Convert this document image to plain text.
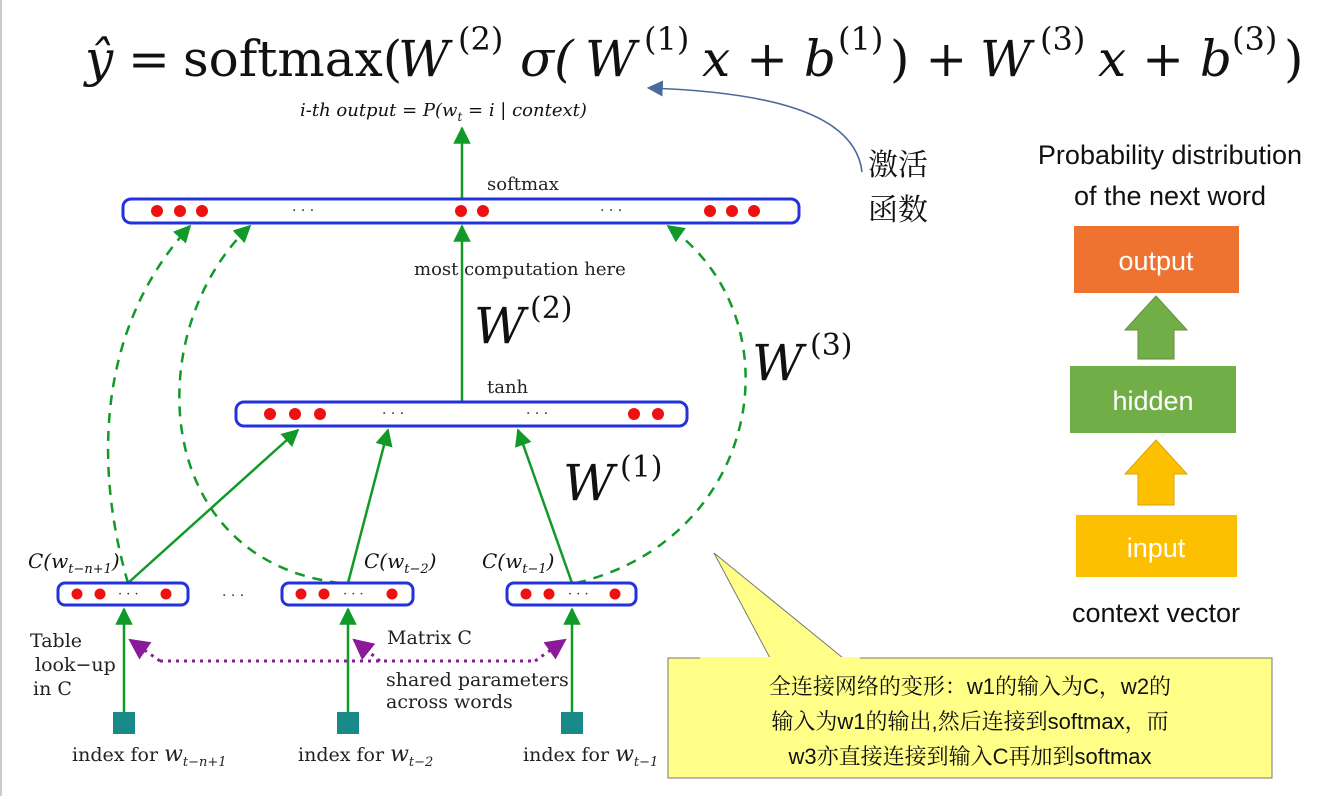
ŷ = softmax(
W (2) σ( W (1) x + b (1) ) + W (3) x + b (3) )
激活
函数
i-th output = $P(w_t = i$ | context)
softmax
· · ·	· · ·
most computation here
W (2)
tanh
· · ·	· · ·
W (3)
W (1)
$C(w_{t-n+1})$	$C(w_{t-2})$ $C(w_{t-1})$
· · ·	· · ·	· · ·	· · ·
Table
look−up
in C
Matrix C
shared parameters
across words
index for $w_{t-n+1}$	index for $w_{t-2}$	index for $w_{t-1}$
全连接网络的变形：w1的输入为C，w2的
输入为w1的输出,然后连接到softmax，而
w3亦直接连接到输入C再加到softmax
Probability distribution
of the next word
output
hidden
input
context vector
